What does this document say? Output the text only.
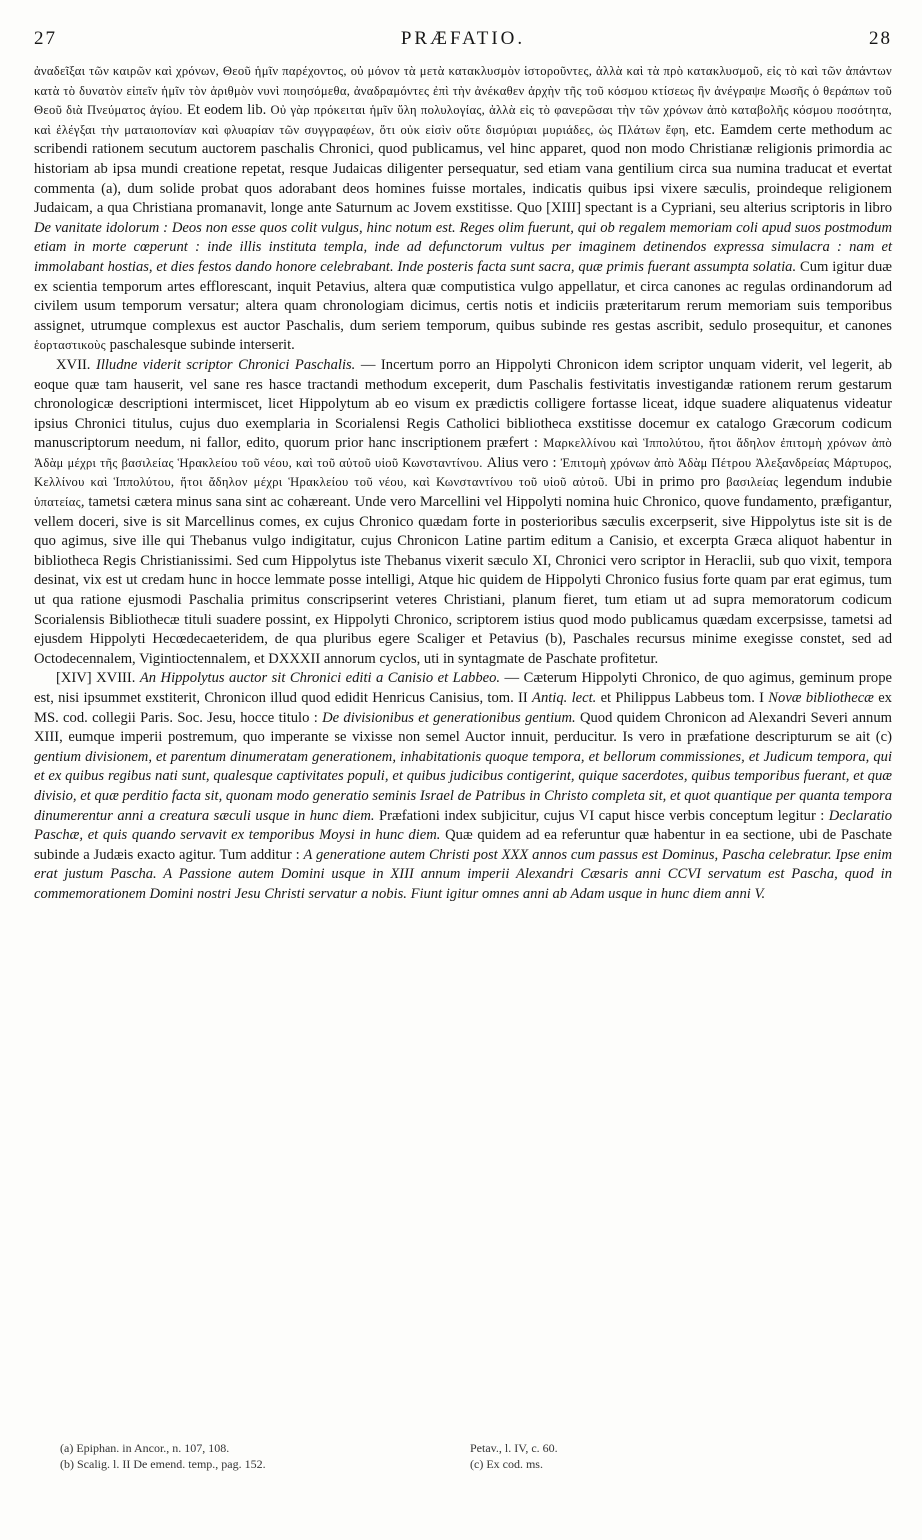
27	PRÆFATIO.	28

ἀναδεῖξαι τῶν καιρῶν καὶ χρόνων, Θεοῦ ἡμῖν παρέχοντος, οὐ μόνον τὰ μετὰ κατακλυσμὸν ἱστοροῦντες, ἀλλὰ καὶ τὰ πρὸ κατακλυσμοῦ, εἰς τὸ καὶ τῶν ἀπάντων κατὰ τὸ δυνατὸν εἰπεῖν ἡμῖν τὸν ἀριθμὸν νυνὶ ποιησόμεθα, ἀναδραμόντες ἐπὶ τὴν ἀνέκαθεν ἀρχὴν τῆς τοῦ κόσμου κτίσεως ἣν ἀνέγραψε Μωσῆς ὁ θεράπων τοῦ Θεοῦ διὰ Πνεύματος ἁγίου. Et eodem lib. Οὐ γὰρ πρόκειται ἡμῖν ὕλη πολυλογίας, ἀλλὰ εἰς τὸ φανερῶσαι τὴν τῶν χρόνων ἀπὸ καταβολῆς κόσμου ποσότητα, καὶ ἐλέγξαι τὴν ματαιοπονίαν καὶ φλυαρίαν τῶν συγγραφέων, ὅτι οὐκ εἰσὶν οὔτε δισμύριαι μυριάδες, ὡς Πλάτων ἔφη, etc. Eamdem certe methodum ac scribendi rationem secutum auctorem paschalis Chronici, quod publicamus, vel hinc apparet, quod non modo Christianæ religionis primordia ac historiam ab ipsa mundi creatione repetat, resque Judaicas diligenter persequatur, sed etiam vana gentilium circa sua numina traducat et evertat commenta (a), dum solide probat quos adorabant deos homines fuisse mortales, indicatis quibus ipsi vixere sæculis, proindeque religionem Judaicam, a qua Christiana promanavit, longe ante Saturnum ac Jovem exstitisse. Quo [XIII] spectant is a Cypriani, seu alterius scriptoris in libro De vanitate idolorum : Deos non esse quos colit vulgus, hinc notum est. Reges olim fuerunt, qui ob regalem memoriam coli apud suos postmodum etiam in morte cœperunt : inde illis instituta templa, inde ad defunctorum vultus per imaginem detinendos expressa simulacra : nam et immolabant hostias, et dies festos dando honore celebrabant. Inde posteris facta sunt sacra, quæ primis fuerant assumpta solatia. Cum igitur duæ ex scientia temporum artes efflorescant, inquit Petavius, altera quæ computistica vulgo appellatur, et circa canones ac regulas ordinandorum ad civilem usum temporum versatur; altera quam chronologiam dicimus, certis notis et indiciis præteritarum rerum memoriam suis temporibus assignet, utrumque complexus est auctor Paschalis, dum seriem temporum, quibus subinde res gestas ascribit, sedulo prosequitur, et canones ἑορταστικοὺς paschalesque subinde interserit.

XVII. Illudne viderit scriptor Chronici Paschalis. — Incertum porro an Hippolyti Chronicon idem scriptor unquam viderit, vel legerit, ab eoque quæ tam hauserit, vel sane res hasce tractandi methodum exceperit, dum Paschalis festivitatis investigandæ rationem rerum gestarum chronologicæ descriptioni intermiscet, licet Hippolytum ab eo visum ex prædictis colligere fortasse liceat, idque suadere aliquatenus videatur ipsius Chronici titulus, cujus duo exemplaria in Scorialensi Regis Catholici bibliotheca exstitisse docemur ex catalogo Græcorum codicum manuscriptorum needum, ni fallor, edito, quorum prior hanc inscriptionem præfert : Μαρκελλίνου καὶ Ἱππολύτου, ἤτοι ἄδηλον ἐπιτομὴ χρόνων ἀπὸ Ἀδὰμ μέχρι τῆς βασιλείας Ἡρακλείου τοῦ νέου, καὶ τοῦ αὐτοῦ υἱοῦ Κωνσταντίνου. Alius vero : Ἐπιτομὴ χρόνων ἀπὸ Ἀδὰμ Πέτρου Ἀλεξανδρείας Μάρτυρος, Κελλίνου καὶ Ἱππολύτου, ἤτοι ἄδηλον μέχρι Ἡρακλείου τοῦ νέου, καὶ Κωνσταντίνου τοῦ υἱοῦ αὐτοῦ. Ubi in primo pro βασιλείας legendum indubie ὑπατείας, tametsi cætera minus sana sint ac cohæreant. Unde vero Marcellini vel Hippolyti nomina huic Chronico, quove fundamento, præfigantur, vellem doceri, sive is sit Marcellinus comes, ex cujus Chronico quædam forte in posterioribus sæculis excerpserit, sive Hippolytus iste sit is de quo agimus, sive ille qui Thebanus vulgo indigitatur, cujus Chronicon Latine partim editum a Canisio, et excerpta Græca aliquot habentur in bibliotheca Regis Christianissimi. Sed cum Hippolytus iste Thebanus vixerit sæculo XI, Chronici vero scriptor in Heraclii, sub quo vixit, tempora desinat, vix est ut credam hunc in hocce lemmate posse intelligi, Atque hic quidem de Hippolyti Chronico fusius forte quam par erat egimus, tum ut qua ratione ejusmodi Paschalia primitus conscripserint veteres Christiani, planum fieret, tum etiam ut ad supra memoratorum codicum Scorialensis Bibliothecæ tituli suadere possint, ex Hippolyti Chronico, scriptorem istius quod modo publicamus quædam excerpsisse, tametsi ad ejusdem Hippolyti Hecœdecaeteridem, de qua pluribus egere Scaliger et Petavius (b), Paschales recursus minime exegisse constet, sed ad Octodecennalem, Vigintioctennalem, et DXXXII annorum cyclos, uti in syntagmate de Paschate profitetur.

[XIV] XVIII. An Hippolytus auctor sit Chronici editi a Canisio et Labbeo. — Cæterum Hippolyti Chronico, de quo agimus, geminum prope est, nisi ipsummet exstiterit, Chronicon illud quod edidit Henricus Canisius, tom. II Antiq. lect. et Philippus Labbeus tom. I Novæ bibliothecæ ex MS. cod. collegii Paris. Soc. Jesu, hocce titulo : De divisionibus et generationibus gentium. Quod quidem Chronicon ad Alexandri Severi annum XIII, eumque imperii postremum, quo imperante se vixisse non semel Auctor innuit, perducitur. Is vero in præfatione descripturum se ait (c) gentium divisionem, et parentum dinumeratam generationem, inhabitationis quoque tempora, et bellorum commissiones, et Judicum tempora, qui et ex quibus regibus nati sunt, qualesque captivitates populi, et quibus judicibus contigerint, quique sacerdotes, quibus temporibus fuerant, et quæ divisio, et quæ perditio facta sit, quonam modo generatio seminis Israel de Patribus in Christo completa sit, et quot quantique per quanta tempora dinumerentur anni a creatura sæculi usque in hunc diem. Præfationi index subjicitur, cujus VI caput hisce verbis conceptum legitur : Declaratio Paschæ, et quis quando servavit ex temporibus Moysi in hunc diem. Quæ quidem ad ea referuntur quæ habentur in ea sectione, ubi de Paschate subinde a Judæis exacto agitur. Tum additur : A generatione autem Christi post XXX annos cum passus est Dominus, Pascha celebratur. Ipse enim erat justum Pascha. A Passione autem Domini usque in XIII annum imperii Alexandri Cæsaris anni CCVI servatum est Pascha, quod in commemorationem Domini nostri Jesu Christi servatur a nobis. Fiunt igitur omnes anni ab Adam usque in hunc diem anni V.

(a) Epiphan. in Ancor., n. 107, 108.	Petav., l. IV, c. 60.
(b) Scalig. l. II De emend. temp., pag. 152.	(c) Ex cod. ms.
